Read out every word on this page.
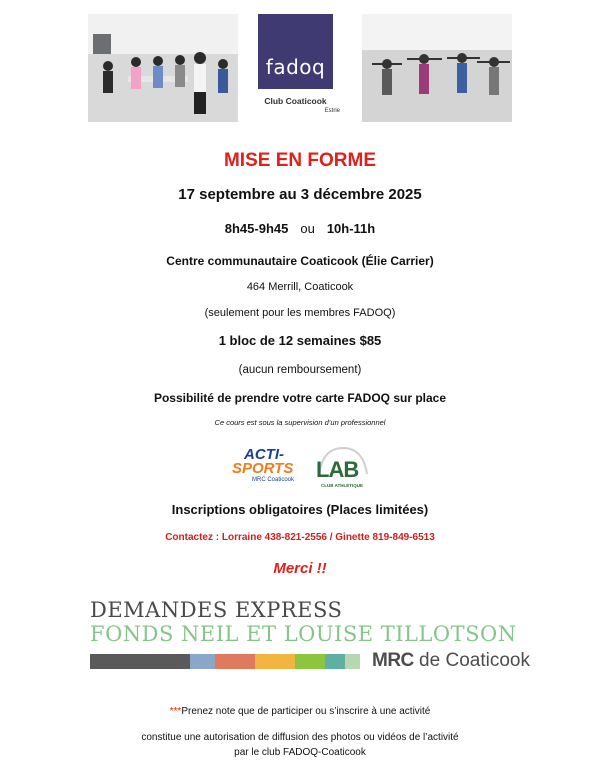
fadoq
Club Coaticook
Estrie
MISE EN FORME
17 septembre au 3 décembre 2025
8h45-9h45 ou 10h-11h
Centre communautaire Coaticook (Élie Carrier)
464 Merrill, Coaticook
(seulement pour les membres FADOQ)
1 bloc de 12 semaines $85
(aucun remboursement)
Possibilité de prendre votre carte FADOQ sur place
Ce cours est sous la supervision d’un professionnel
ACTI-
SPORTS
MRC Coaticook LAB
CLUB ATHLÉTIQUE
Inscriptions obligatoires (Places limitées)
Contactez : Lorraine 438-821-2556 / Ginette 819-849-6513
Merci !!
DEMANDES EXPRESS
FONDS NEIL ET LOUISE TILLOTSON
MRC de Coaticook
***Prenez note que de participer ou s’inscrire à une activité
constitue une autorisation de diffusion des photos ou vidéos de l’activité
par le club FADOQ-Coaticook
